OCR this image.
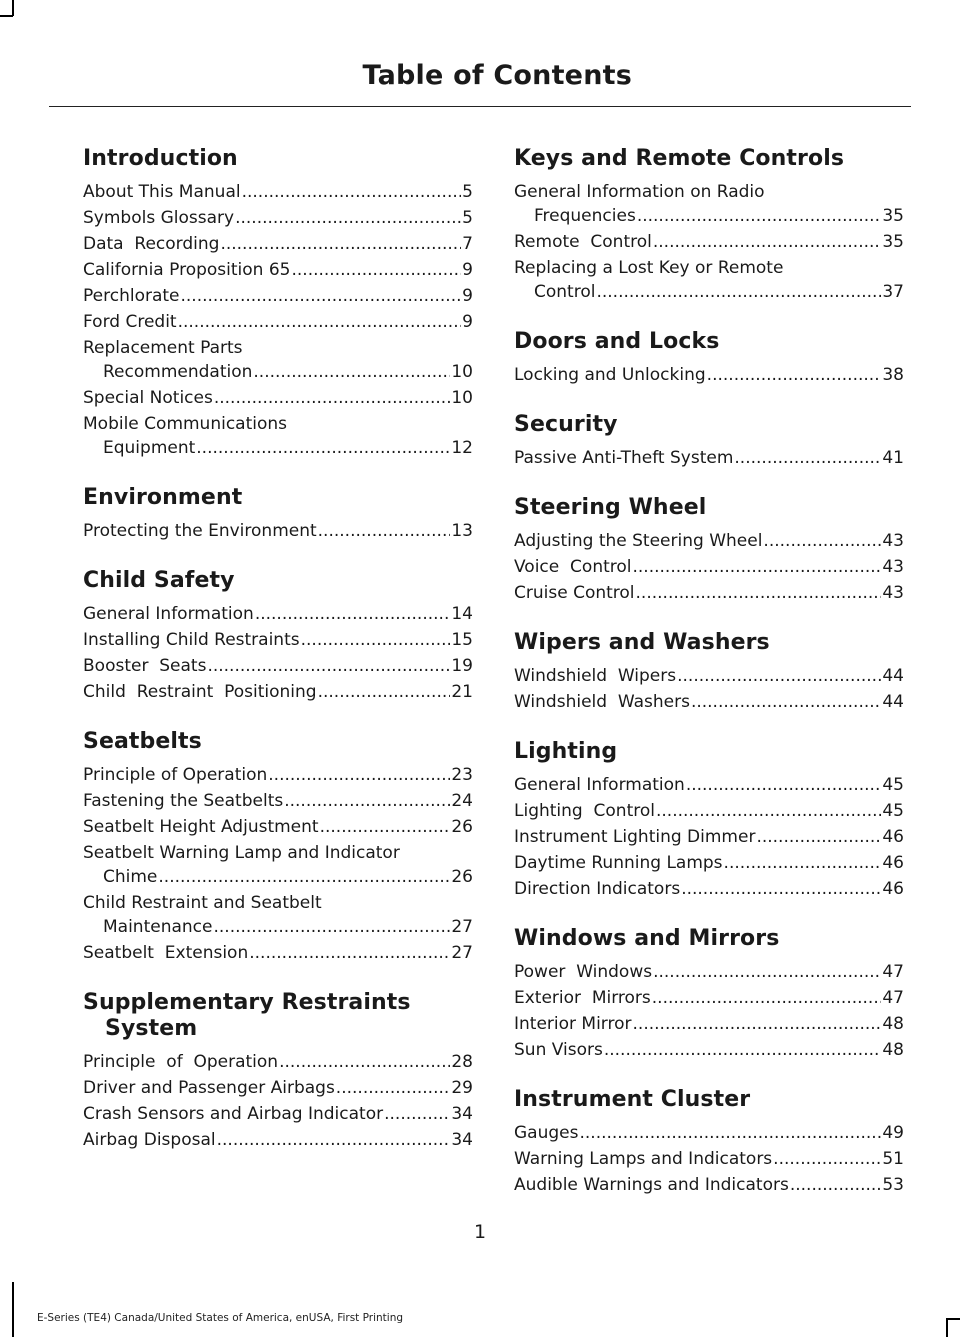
Table of Contents
Introduction
About This Manual .....	5
Symbols Glossary .....	5
Data  Recording .....	7
California Proposition 65 .....	9
Perchlorate .....	9
Ford Credit .....	9
Replacement Parts
Recommendation .....	10
Special Notices .....	10
Mobile Communications
Equipment .....	12
Environment
Protecting the Environment .....	13
Child Safety
General Information .....	14
Installing Child Restraints .....	15
Booster  Seats .....	19
Child  Restraint  Positioning .....	21
Seatbelts
Principle of Operation .....	23
Fastening the Seatbelts .....	24
Seatbelt Height Adjustment .....	26
Seatbelt Warning Lamp and Indicator
Chime .....	26
Child Restraint and Seatbelt
Maintenance .....	27
Seatbelt  Extension .....	27
Supplementary Restraints
System
Principle  of  Operation .....	28
Driver and Passenger Airbags .....	29
Crash Sensors and Airbag Indicator .....	34
Airbag Disposal .....	34
Keys and Remote Controls
General Information on Radio
Frequencies .....	35
Remote  Control .....	35
Replacing a Lost Key or Remote
Control .....	37
Doors and Locks
Locking and Unlocking .....	38
Security
Passive Anti-Theft System .....	41
Steering Wheel
Adjusting the Steering Wheel .....	43
Voice  Control .....	43
Cruise Control .....	43
Wipers and Washers
Windshield  Wipers .....	44
Windshield  Washers .....	44
Lighting
General Information .....	45
Lighting  Control .....	45
Instrument Lighting Dimmer .....	46
Daytime Running Lamps .....	46
Direction Indicators .....	46
Windows and Mirrors
Power  Windows .....	47
Exterior  Mirrors .....	47
Interior Mirror .....	48
Sun Visors .....	48
Instrument Cluster
Gauges .....	49
Warning Lamps and Indicators .....	51
Audible Warnings and Indicators .....	53
1
E-Series (TE4) Canada/United States of America, enUSA, First Printing
